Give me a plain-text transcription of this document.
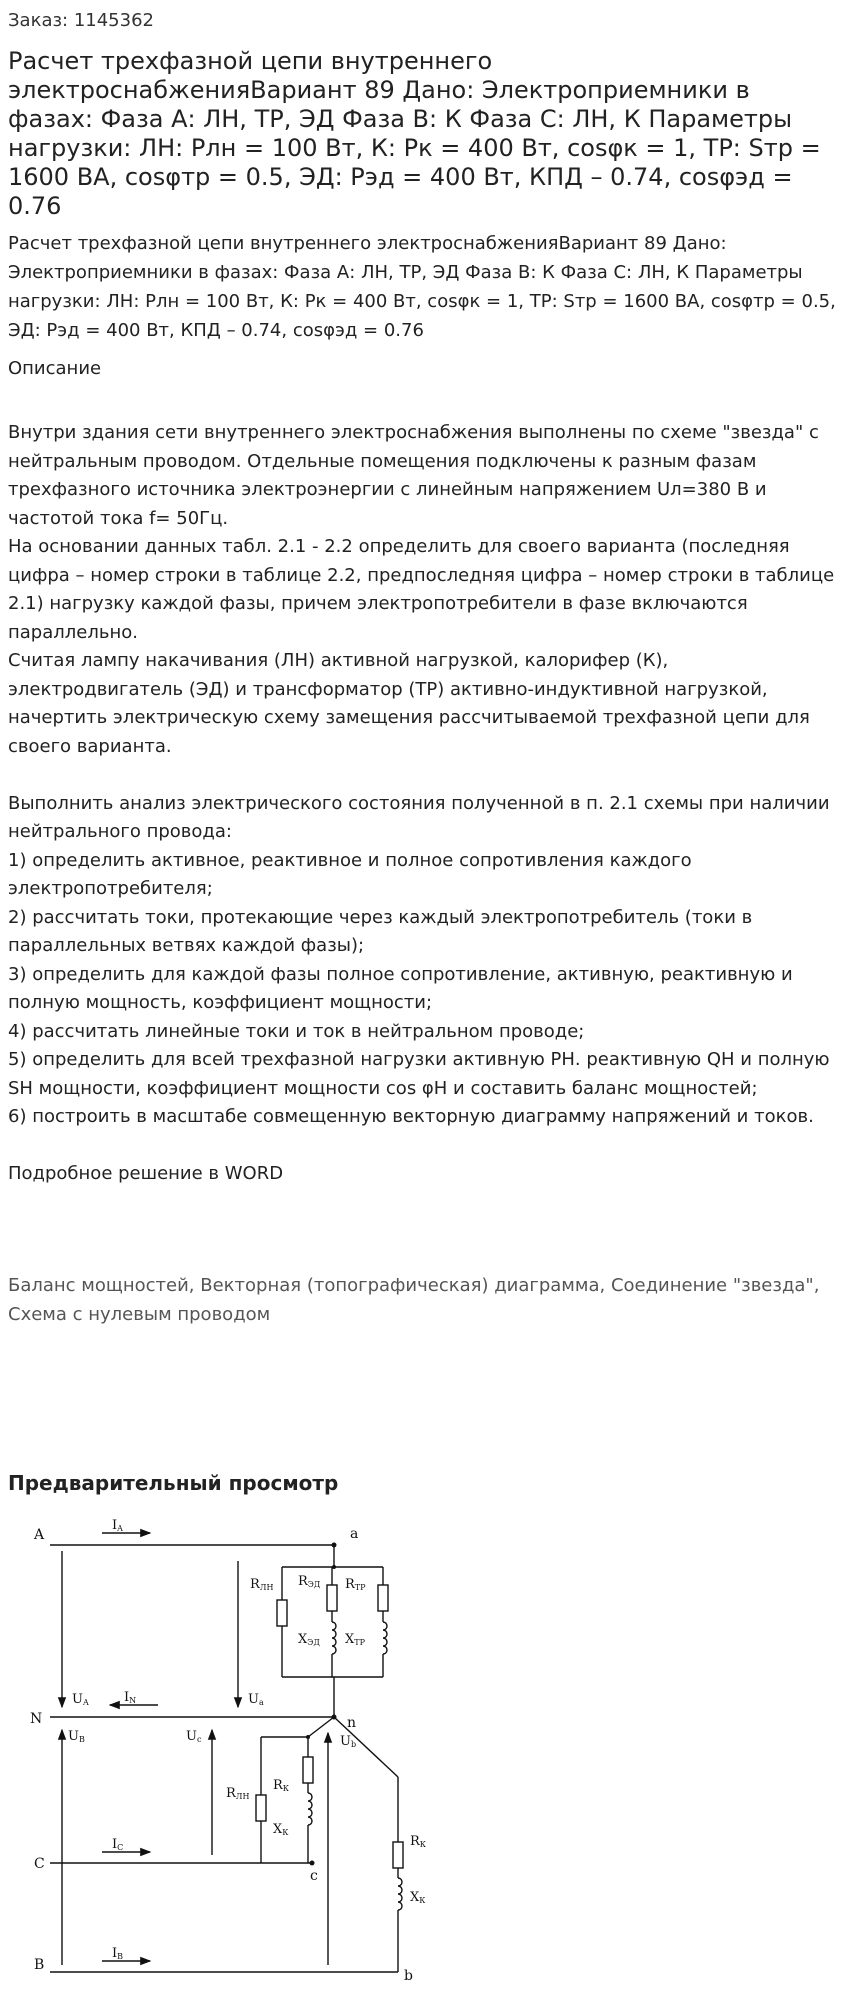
Заказ: 1145362
Расчет трехфазной цепи внутреннего электроснабженияВариант 89 Дано: Электроприемники в фазах: Фаза А: ЛН, ТР, ЭД Фаза В: К Фаза С: ЛН, К Параметры нагрузки: ЛН: Рлн = 100 Вт, К: Рк = 400 Вт, cosφк = 1, ТР: Sтр = 1600 ВА, cosφтр = 0.5, ЭД: Рэд = 400 Вт, КПД – 0.74, cosφэд = 0.76
Расчет трехфазной цепи внутреннего электроснабженияВариант 89 Дано: Электроприемники в фазах: Фаза А: ЛН, ТР, ЭД Фаза В: К Фаза С: ЛН, К Параметры нагрузки: ЛН: Рлн = 100 Вт, К: Рк = 400 Вт, cosφк = 1, ТР: Sтр = 1600 ВА, cosφтр = 0.5, ЭД: Рэд = 400 Вт, КПД – 0.74, cosφэд = 0.76
Описание

Внутри здания сети внутреннего электроснабжения выполнены по схеме "звезда" с нейтральным проводом. Отдельные помещения подключены к разным фазам трехфазного источника электроэнергии с линейным напряжением Uл=380 В и частотой тока f= 50Гц.

На основании данных табл. 2.1 - 2.2 определить для своего варианта (последняя цифра – номер строки в таблице 2.2, предпоследняя цифра – номер строки в таблице 2.1) нагрузку каждой фазы, причем электропотребители в фазе включаются параллельно.

Считая лампу накачивания (ЛН) активной нагрузкой, калорифер (К), электродвигатель (ЭД) и трансформатор (ТР) активно-индуктивной нагрузкой, начертить электрическую схему замещения рассчитываемой трехфазной цепи для своего варианта.

Выполнить анализ электрического состояния полученной в п. 2.1 схемы при наличии нейтрального провода:

1) определить активное, реактивное и полное сопротивления каждого электропотребителя;

2) рассчитать токи, протекающие через каждый электропотребитель (токи в параллельных ветвях каждой фазы);

3) определить для каждой фазы полное сопротивление, активную, реактивную и полную мощность, коэффициент мощности;

4) рассчитать линейные токи и ток в нейтральном проводе;

5) определить для всей трехфазной нагрузки активную PН. реактивную QН и полную SН мощности, коэффициент мощности cos φН и составить баланс мощностей;

6) построить в масштабе совмещенную векторную диаграмму напряжений и токов.

Подробное решение в WORD

Баланс мощностей, Векторная (топографическая) диаграмма, Соединение "звезда", Схема с нулевым проводом
Предварительный просмотр
A	a
N	n
C
c
B
b
IA
IN
IC
IB
UA	Ua
UB	Uc	Ub
RЛН RЭД
XЭД
RТР
XТР
RЛН
RК
XК
RК
XК
